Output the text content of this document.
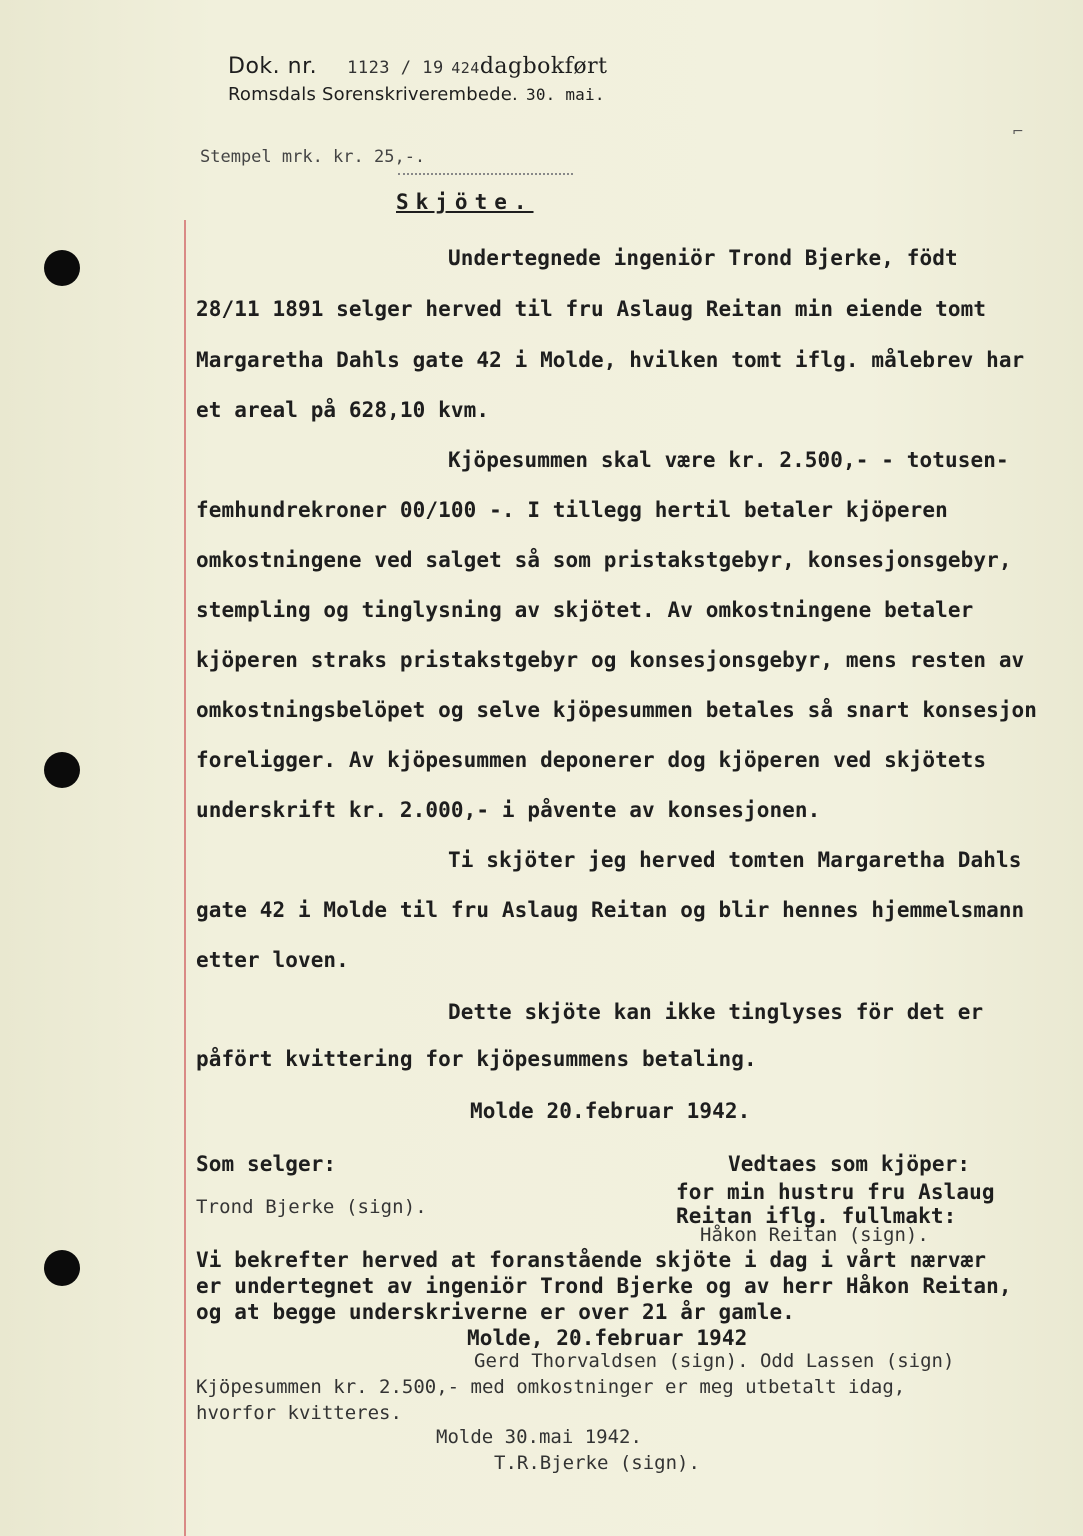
Dok. nr. 1123 / 19 424dagbokført
Romsdals Sorenskriverembede. 30. mai.
⌐
Stempel mrk. kr. 25,-.
Skjöte.
Undertegnede ingeniör Trond Bjerke, födt
28/11 1891 selger herved til fru Aslaug Reitan min eiende tomt
Margaretha Dahls gate 42 i Molde, hvilken tomt iflg. målebrev har
et areal på 628,10 kvm.
Kjöpesummen skal være kr. 2.500,- - totusen-
femhundrekroner 00/100 -. I tillegg hertil betaler kjöperen
omkostningene ved salget så som pristakstgebyr, konsesjonsgebyr,
stempling og tinglysning av skjötet. Av omkostningene betaler
kjöperen straks pristakstgebyr og konsesjonsgebyr, mens resten av
omkostningsbelöpet og selve kjöpesummen betales så snart konsesjon
foreligger. Av kjöpesummen deponerer dog kjöperen ved skjötets
underskrift kr. 2.000,- i påvente av konsesjonen.
Ti skjöter jeg herved tomten Margaretha Dahls
gate 42 i Molde til fru Aslaug Reitan og blir hennes hjemmelsmann
etter loven.
Dette skjöte kan ikke tinglyses för det er
påfört kvittering for kjöpesummens betaling.
Molde 20.februar 1942.
Som selger:	Vedtaes som kjöper:
for min hustru fru Aslaug
Trond Bjerke (sign).	Reitan iflg. fullmakt:
Håkon Reitan (sign).
Vi bekrefter herved at foranstående skjöte i dag i vårt nærvær
er undertegnet av ingeniör Trond Bjerke og av herr Håkon Reitan,
og at begge underskriverne er over 21 år gamle.
Molde, 20.februar 1942
Gerd Thorvaldsen (sign). Odd Lassen (sign)
Kjöpesummen kr. 2.500,- med omkostninger er meg utbetalt idag,
hvorfor kvitteres.
Molde 30.mai 1942.
T.R.Bjerke (sign).
